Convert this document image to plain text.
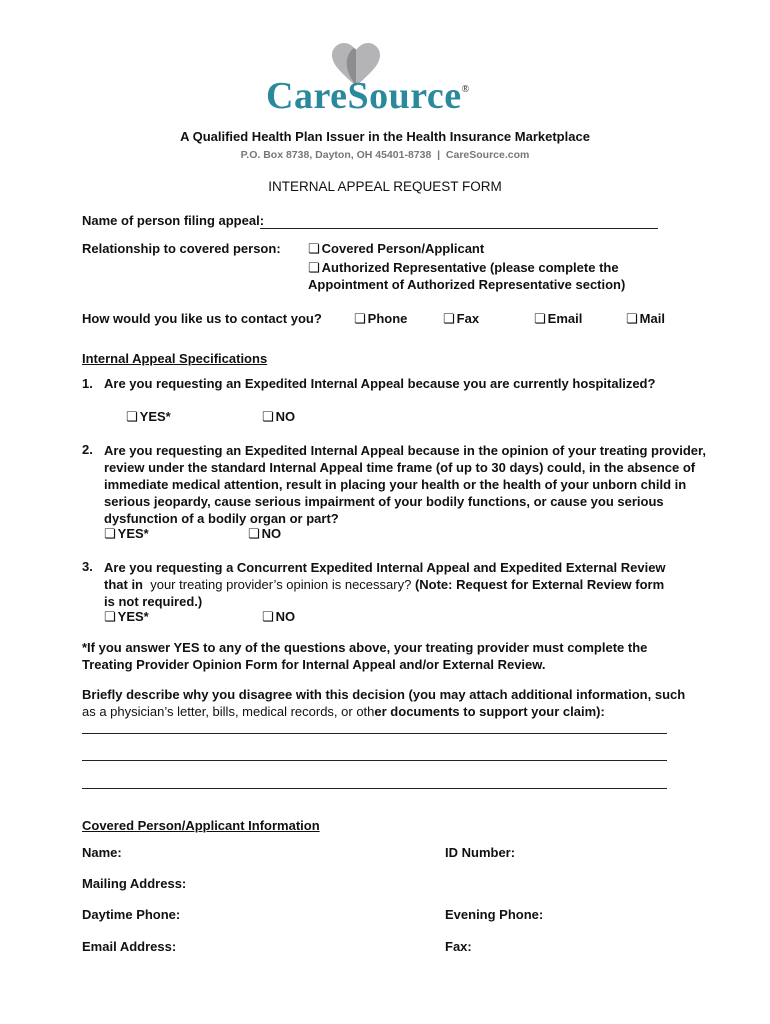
CareSource®
A Qualified Health Plan Issuer in the Health Insurance Marketplace
P.O. Box 8738, Dayton, OH 45401-8738  |  CareSource.com
INTERNAL APPEAL REQUEST FORM
Name of person filing appeal:
Relationship to covered person:	❏ Covered Person/Applicant
❏ Authorized Representative (please complete the
Appointment of Authorized Representative section)
How would you like us to contact you?	❏ Phone	❏ Fax	❏ Email	❏ Mail
Internal Appeal Specifications
1. Are you requesting an Expedited Internal Appeal because you are currently hospitalized?
❏ YES*	❏ NO
2. Are you requesting an Expedited Internal Appeal because in the opinion of your treating provider,
review under the standard Internal Appeal time frame (of up to 30 days) could, in the absence of
immediate medical attention, result in placing your health or the health of your unborn child in
serious jeopardy, cause serious impairment of your bodily functions, or cause you serious
dysfunction of a bodily organ or part?
❏ YES*	❏ NO
3. Are you requesting a Concurrent Expedited Internal Appeal and Expedited External Review
that in  your treating provider’s opinion is necessary? (Note: Request for External Review form
is not required.)
❏ YES*	❏ NO
*If you answer YES to any of the questions above, your treating provider must complete the
Treating Provider Opinion Form for Internal Appeal and/or External Review.
Briefly describe why you disagree with this decision (you may attach additional information, such
as a physician’s letter, bills, medical records, or other documents to support your claim):
Covered Person/Applicant Information
Name:	ID Number:
Mailing Address:
Daytime Phone:	Evening Phone:
Email Address:	Fax:
